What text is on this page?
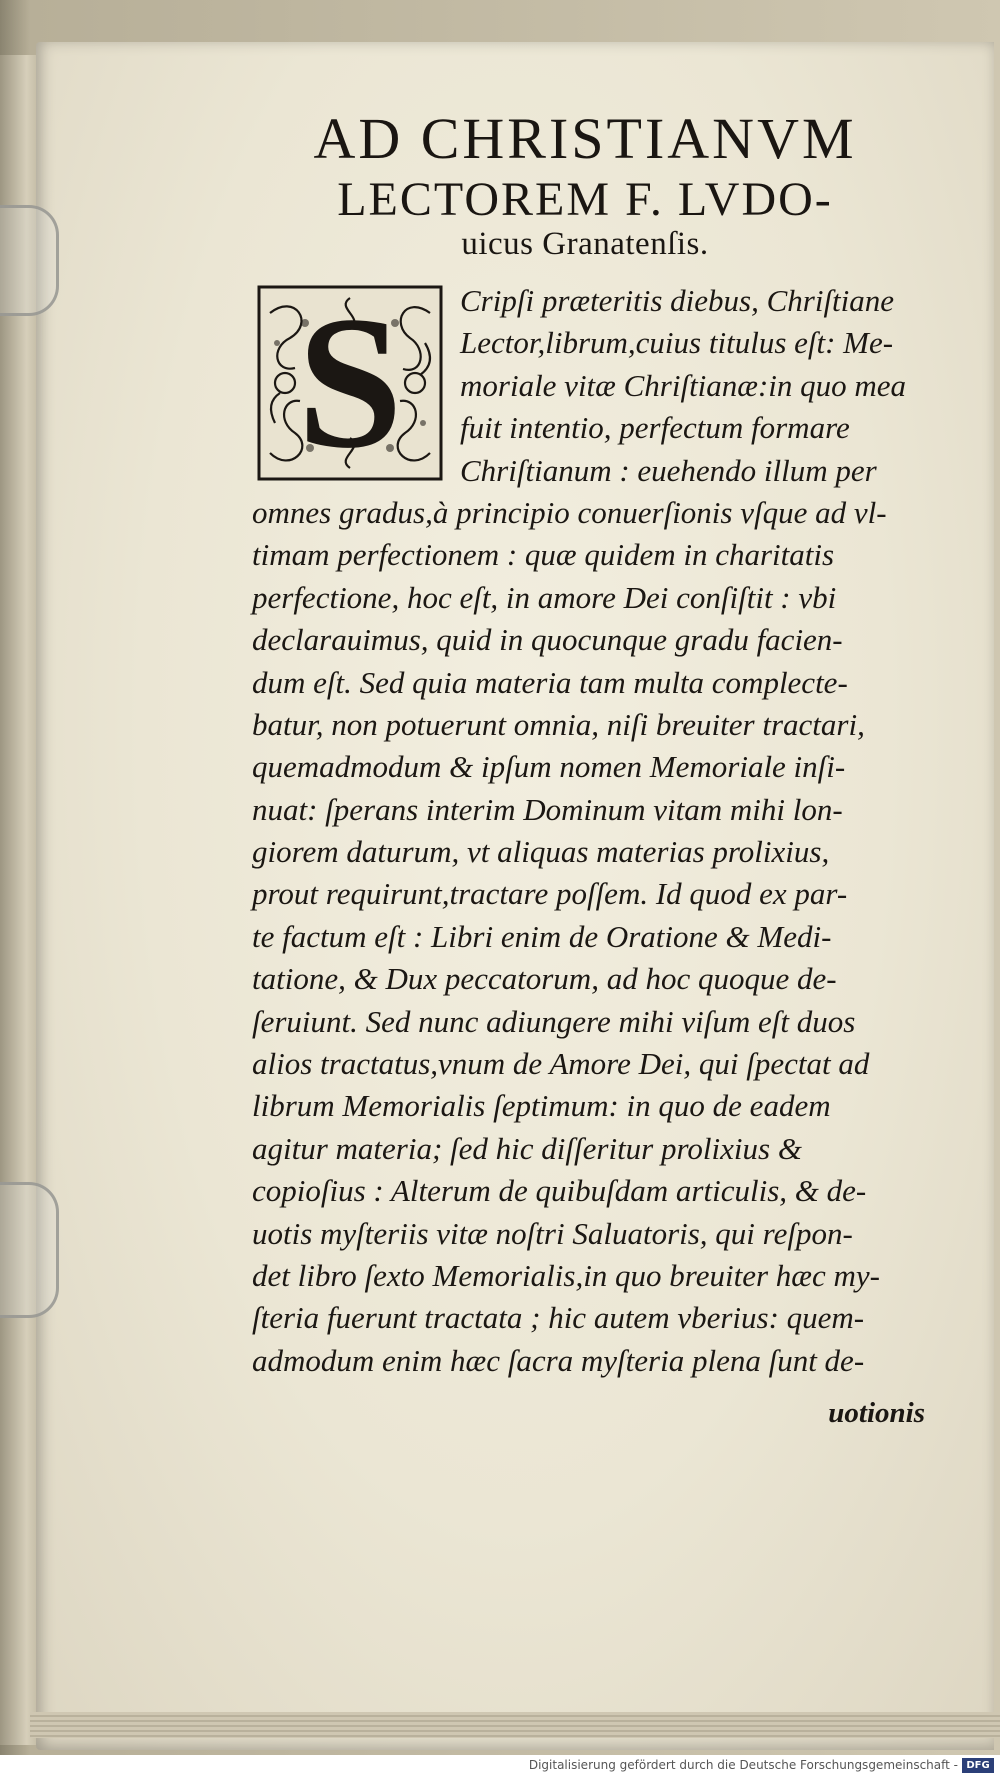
AD CHRISTIANVM
LECTOREM F. LVDO-
uicus Granatenſis.
S	Cripſi præteritis diebus, Chriſtiane
Lector,librum,cuius titulus eſt: Me-
moriale vitæ Chriſtianæ:in quo mea
fuit intentio, perfectum formare
Chriſtianum : euehendo illum per
omnes gradus,à principio conuerſionis vſque ad vl-
timam perfectionem : quæ quidem in charitatis
perfectione, hoc eſt, in amore Dei conſiſtit : vbi
declarauimus, quid in quocunque gradu facien-
dum eſt. Sed quia materia tam multa complecte-
batur, non potuerunt omnia, niſi breuiter tractari,
quemadmodum & ipſum nomen Memoriale inſi-
nuat: ſperans interim Dominum vitam mihi lon-
giorem daturum, vt aliquas materias prolixius,
prout requirunt,tractare poſſem. Id quod ex par-
te factum eſt : Libri enim de Oratione & Medi-
tatione, & Dux peccatorum, ad hoc quoque de-
ſeruiunt. Sed nunc adiungere mihi viſum eſt duos
alios tractatus,vnum de Amore Dei, qui ſpectat ad
librum Memorialis ſeptimum: in quo de eadem
agitur materia; ſed hic diſſeritur prolixius &
copioſius : Alterum de quibuſdam articulis, & de-
uotis myſteriis vitæ noſtri Saluatoris, qui reſpon-
det libro ſexto Memorialis,in quo breuiter hæc my-
ſteria fuerunt tractata ; hic autem vberius: quem-
admodum enim hæc ſacra myſteria plena ſunt de-
uotionis
Digitalisierung gefördert durch die Deutsche Forschungsgemeinschaft - DFG
